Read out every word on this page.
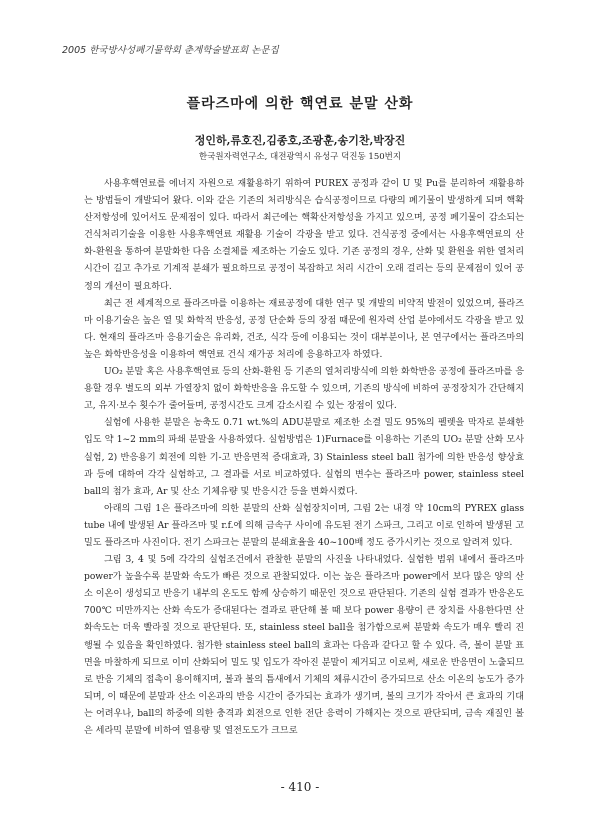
2005 한국방사성폐기물학회 춘계학술발표회 논문집
플라즈마에 의한 핵연료 분말 산화
정인하,류호진,김종호,조광훈,송기찬,박장진
한국원자력연구소, 대전광역시 유성구 덕진동 150번지

사용후핵연료를 에너지 자원으로 재활용하기 위하여 PUREX 공정과 같이 U 및 Pu를 분리하여 재활용하는 방법들이 개발되어 왔다. 이와 같은 기존의 처리방식은 습식공정이므로 다량의 폐기물이 발생하게 되며 핵확산저항성에 있어서도 문제점이 있다. 따라서 최근에는 핵확산저항성을 가지고 있으며, 공정 폐기물이 감소되는 건식처리기술을 이용한 사용후핵연료 재활용 기술이 각광을 받고 있다. 건식공정 중에서는 사용후핵연료의 산화-환원을 통하여 분말화한 다음 소결체를 제조하는 기술도 있다. 기존 공정의 경우, 산화 및 환원을 위한 열처리 시간이 길고 추가로 기계적 분쇄가 필요하므로 공정이 복잡하고 처리 시간이 오래 걸리는 등의 문제점이 있어 공정의 개선이 필요하다.

최근 전 세계적으로 플라즈마를 이용하는 재료공정에 대한 연구 및 개발의 비약적 발전이 있었으며, 플라즈마 이용기술은 높은 열 및 화학적 반응성, 공정 단순화 등의 장점 때문에 원자력 산업 분야에서도 각광을 받고 있다. 현재의 플라즈마 응용기술은 유리화, 건조, 식각 등에 이용되는 것이 대부분이나, 본 연구에서는 플라즈마의 높은 화학반응성을 이용하여 핵연료 건식 재가공 처리에 응용하고자 하였다.

UO₂ 분말 혹은 사용후핵연료 등의 산화-환원 등 기존의 열처리방식에 의한 화학반응 공정에 플라즈마를 응용할 경우 별도의 외부 가열장치 없이 화학반응을 유도할 수 있으며, 기존의 방식에 비하여 공정장치가 간단해지고, 유지·보수 횟수가 줄어들며, 공정시간도 크게 감소시킬 수 있는 장점이 있다.

실험에 사용한 분말은 농축도 0.71 wt.%의 ADU분말로 제조한 소결 밀도 95%의 펠렛을 막자로 분쇄한 입도 약 1~2 mm의 파쇄 분말을 사용하였다. 실험방법은 1)Furnace를 이용하는 기존의 UO₂ 분말 산화 모사실험, 2) 반응용기 회전에 의한 기-고 반응면적 증대효과, 3) Stainless steel ball 첨가에 의한 반응성 향상효과 등에 대하여 각각 실험하고, 그 결과를 서로 비교하였다. 실험의 변수는 플라즈마 power, stainless steel ball의 첨가 효과, Ar 및 산소 기체유량 및 반응시간 등을 변화시켰다.

아래의 그림 1은 플라즈마에 의한 분말의 산화 실험장치이며, 그림 2는 내경 약 10cm의 PYREX glass tube 내에 발생된 Ar 플라즈마 및 r.f.에 의해 금속구 사이에 유도된 전기 스파크, 그리고 이로 인하여 발생된 고밀도 플라즈마 사진이다. 전기 스파크는 분말의 분쇄효율을 40~100배 정도 증가시키는 것으로 알려져 있다.

그림 3, 4 및 5에 각각의 실험조건에서 관찰한 분말의 사진을 나타내었다. 실험한 범위 내에서 플라즈마 power가 높을수록 분말화 속도가 빠른 것으로 관찰되었다. 이는 높은 플라즈마 power에서 보다 많은 양의 산소 이온이 생성되고 반응기 내부의 온도도 함께 상승하기 때문인 것으로 판단된다. 기존의 실험 결과가 반응온도 700℃ 미만까지는 산화 속도가 증대된다는 결과로 판단해 볼 때 보다 power 용량이 큰 장치를 사용한다면 산화속도는 더욱 빨라질 것으로 판단된다. 또, stainless steel ball을 첨가함으로써 분말화 속도가 매우 빨리 진행될 수 있음을 확인하였다. 첨가한 stainless steel ball의 효과는 다음과 같다고 할 수 있다. 즉, 볼이 분말 표면을 마찰하게 되므로 이미 산화되어 밀도 및 입도가 작아진 분말이 제거되고 이로써, 새로운 반응면이 노출되므로 반응 기체의 접촉이 용이해지며, 볼과 볼의 틈새에서 기체의 체류시간이 증가되므로 산소 이온의 농도가 증가되며, 이 때문에 분말과 산소 이온과의 반응 시간이 증가되는 효과가 생기며, 볼의 크기가 작아서 큰 효과의 기대는 어려우나, ball의 하중에 의한 충격과 회전으로 인한 전단 응력이 가해지는 것으로 판단되며, 금속 재질인 볼은 세라믹 분말에 비하여 열용량 및 열전도도가 크므로

- 410 -
